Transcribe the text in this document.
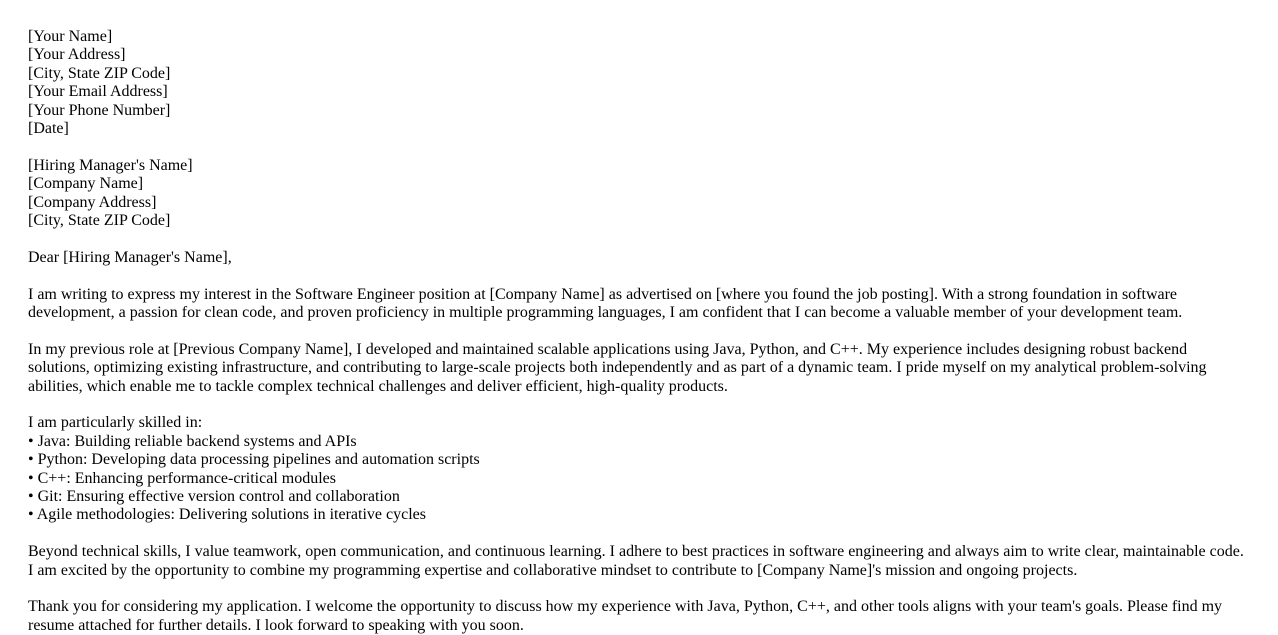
[Your Name]
[Your Address]
[City, State ZIP Code]
[Your Email Address]
[Your Phone Number]
[Date]
[Hiring Manager's Name]
[Company Name]
[Company Address]
[City, State ZIP Code]

Dear [Hiring Manager's Name],

I am writing to express my interest in the Software Engineer position at [Company Name] as advertised on [where you found the job posting]. With a strong foundation in software development, a passion for clean code, and proven proficiency in multiple programming languages, I am confident that I can become a valuable member of your development team.

In my previous role at [Previous Company Name], I developed and maintained scalable applications using Java, Python, and C++. My experience includes designing robust backend solutions, optimizing existing infrastructure, and contributing to large-scale projects both independently and as part of a dynamic team. I pride myself on my analytical problem-solving abilities, which enable me to tackle complex technical challenges and deliver efficient, high-quality products.

I am particularly skilled in:
• Java: Building reliable backend systems and APIs
• Python: Developing data processing pipelines and automation scripts
• C++: Enhancing performance-critical modules
• Git: Ensuring effective version control and collaboration
• Agile methodologies: Delivering solutions in iterative cycles

Beyond technical skills, I value teamwork, open communication, and continuous learning. I adhere to best practices in software engineering and always aim to write clear, maintainable code. I am excited by the opportunity to combine my programming expertise and collaborative mindset to contribute to [Company Name]'s mission and ongoing projects.

Thank you for considering my application. I welcome the opportunity to discuss how my experience with Java, Python, C++, and other tools aligns with your team's goals. Please find my resume attached for further details. I look forward to speaking with you soon.
